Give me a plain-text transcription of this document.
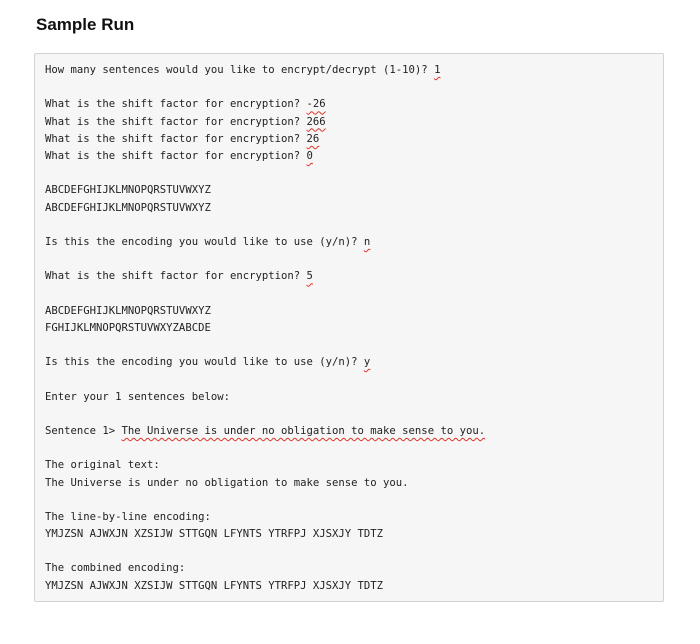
Sample Run
How many sentences would you like to encrypt/decrypt (1-10)? 1
What is the shift factor for encryption? -26
What is the shift factor for encryption? 266
What is the shift factor for encryption? 26
What is the shift factor for encryption? 0
ABCDEFGHIJKLMNOPQRSTUVWXYZ
ABCDEFGHIJKLMNOPQRSTUVWXYZ
Is this the encoding you would like to use (y/n)? n
What is the shift factor for encryption? 5
ABCDEFGHIJKLMNOPQRSTUVWXYZ
FGHIJKLMNOPQRSTUVWXYZABCDE
Is this the encoding you would like to use (y/n)? y
Enter your 1 sentences below:
Sentence 1> The Universe is under no obligation to make sense to you.
The original text:
The Universe is under no obligation to make sense to you.
The line-by-line encoding:
YMJZSN AJWXJN XZSIJW STTGQN LFYNTS YTRFPJ XJSXJY TDTZ
The combined encoding:
YMJZSN AJWXJN XZSIJW STTGQN LFYNTS YTRFPJ XJSXJY TDTZ
